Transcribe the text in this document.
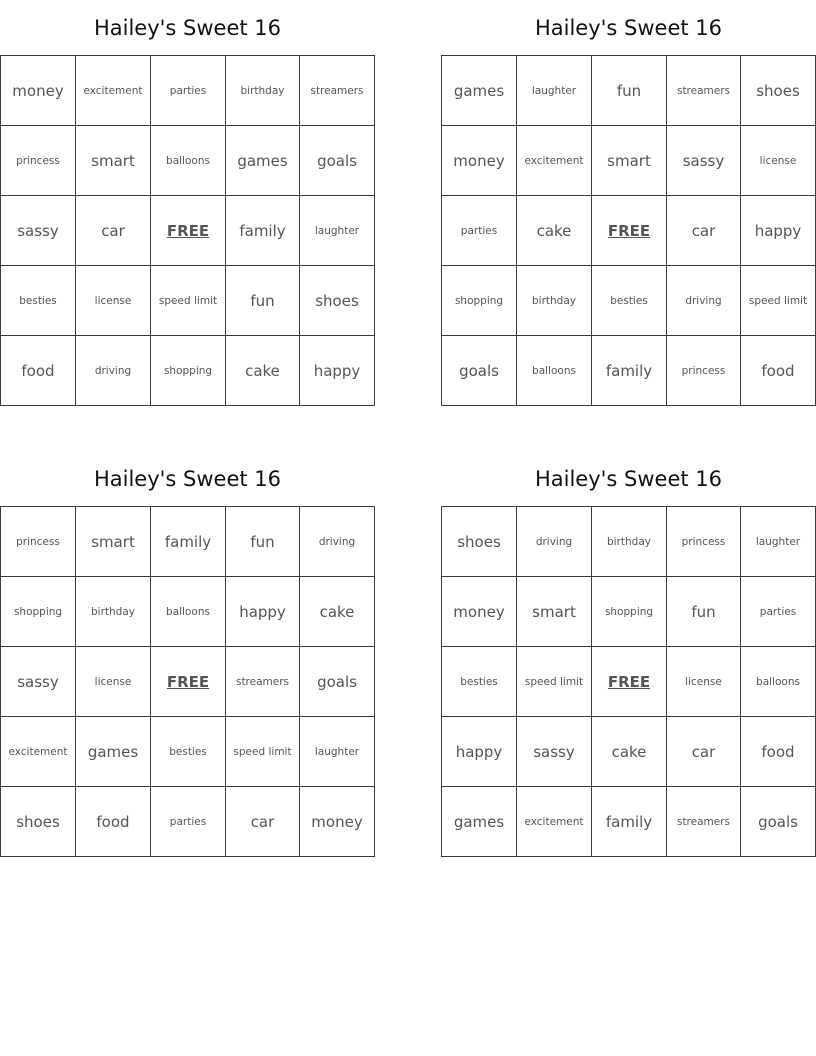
Hailey's Sweet 16
money	excitement	parties	birthday	streamers
princess	smart	balloons	games	goals
sassy	car	FREE	family	laughter
besties	license	speed limit	fun	shoes
food	driving	shopping	cake	happy
Hailey's Sweet 16
games	laughter	fun	streamers	shoes
money	excitement	smart	sassy	license
parties	cake	FREE	car	happy
shopping	birthday	besties	driving	speed limit
goals	balloons	family	princess	food
Hailey's Sweet 16
princess	smart	family	fun	driving
shopping	birthday	balloons	happy	cake
sassy	license	FREE	streamers	goals
excitement	games	besties	speed limit	laughter
shoes	food	parties	car	money
Hailey's Sweet 16
shoes	driving	birthday	princess	laughter
money	smart	shopping	fun	parties
besties	speed limit	FREE	license	balloons
happy	sassy	cake	car	food
games	excitement	family	streamers	goals
